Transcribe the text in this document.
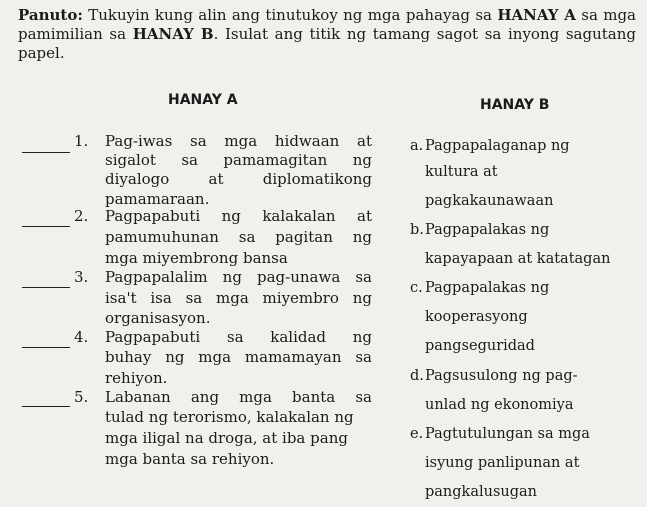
Panuto: Tukuyin kung alin ang tinutukoy ng mga pahayag sa HANAY A sa mga pamimilian sa HANAY B. Isulat ang titik ng tamang sagot sa inyong sagutang papel.
HANAY A	HANAY B
1. Pag-iwas sa mga hidwaan at
sigalot sa pamamagitan ng
diyalogo at diplomatikong
pamamaraan.
2. Pagpapabuti ng kalakalan at
pamumuhunan sa pagitan ng
mga miyembrong bansa
3. Pagpapalalim ng pag-unawa sa
isa't isa sa mga miyembro ng
organisasyon.
4. Pagpapabuti sa kalidad ng
buhay ng mga mamamayan sa
rehiyon.
5. Labanan ang mga banta sa
tulad ng terorismo, kalakalan ng
mga iligal na droga, at iba pang
mga banta sa rehiyon.
a. Pagpapalaganap ng
kultura at
pagkakaunawaan
b. Pagpapalakas ng
kapayapaan at katatagan
c. Pagpapalakas ng
kooperasyong
pangseguridad
d. Pagsusulong ng pag-
unlad ng ekonomiya
e. Pagtutulungan sa mga
isyung panlipunan at
pangkalusugan
